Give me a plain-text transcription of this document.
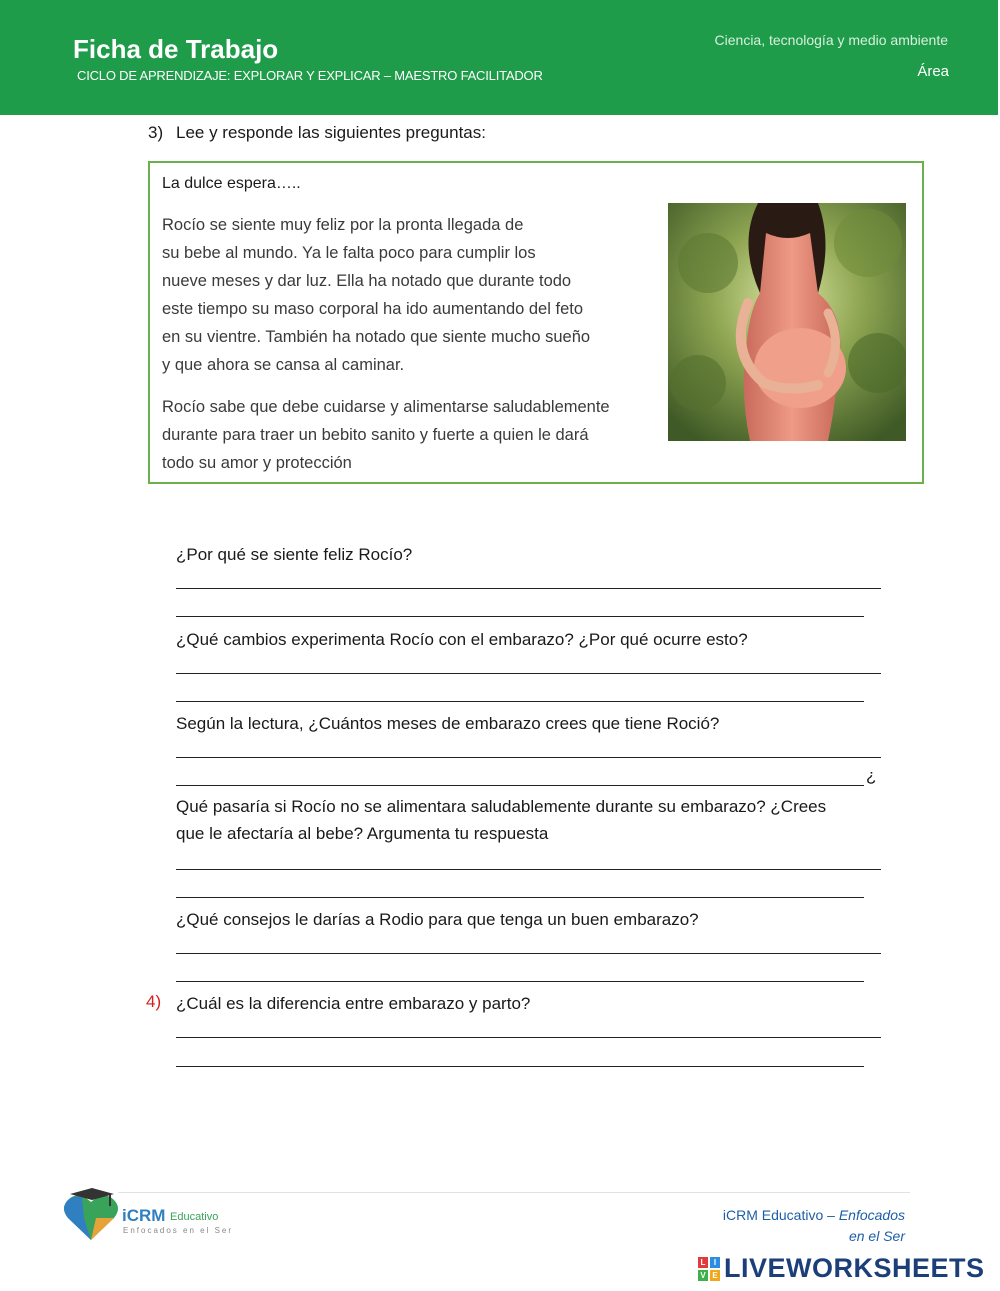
Ficha de Trabajo
CICLO DE APRENDIZAJE: EXPLORAR Y EXPLICAR – MAESTRO FACILITADOR
Ciencia, tecnología y medio ambiente
Área
3) Lee y responde las siguientes preguntas:
La dulce espera…..
Rocío se siente muy feliz por la pronta llegada de
su bebe al mundo. Ya le falta poco para cumplir los
nueve meses y dar luz. Ella ha notado que durante todo
este tiempo su maso corporal ha ido aumentando del feto
en su vientre. También ha notado que siente mucho sueño
y que ahora se cansa al caminar.
Rocío sabe que debe cuidarse y alimentarse saludablemente
durante para traer un bebito sanito y fuerte a quien le dará
todo su amor y protección

¿Por qué se siente feliz Rocío?

¿Qué cambios experimenta Rocío con el embarazo? ¿Por qué ocurre esto?

Según la lectura, ¿Cuántos meses de embarazo crees que tiene Roció?

¿

Qué pasaría si Rocío no se alimentara saludablemente durante su embarazo? ¿Crees

que le afectaría al bebe? Argumenta tu respuesta

¿Qué consejos le darías a Rodio para que tenga un buen embarazo?

4) ¿Cuál es la diferencia entre embarazo y parto?

iCRM Educativo
Enfocados en el Ser
iCRM Educativo – Enfocados
en el Ser
L	I
V E LIVEWORKSHEETS
